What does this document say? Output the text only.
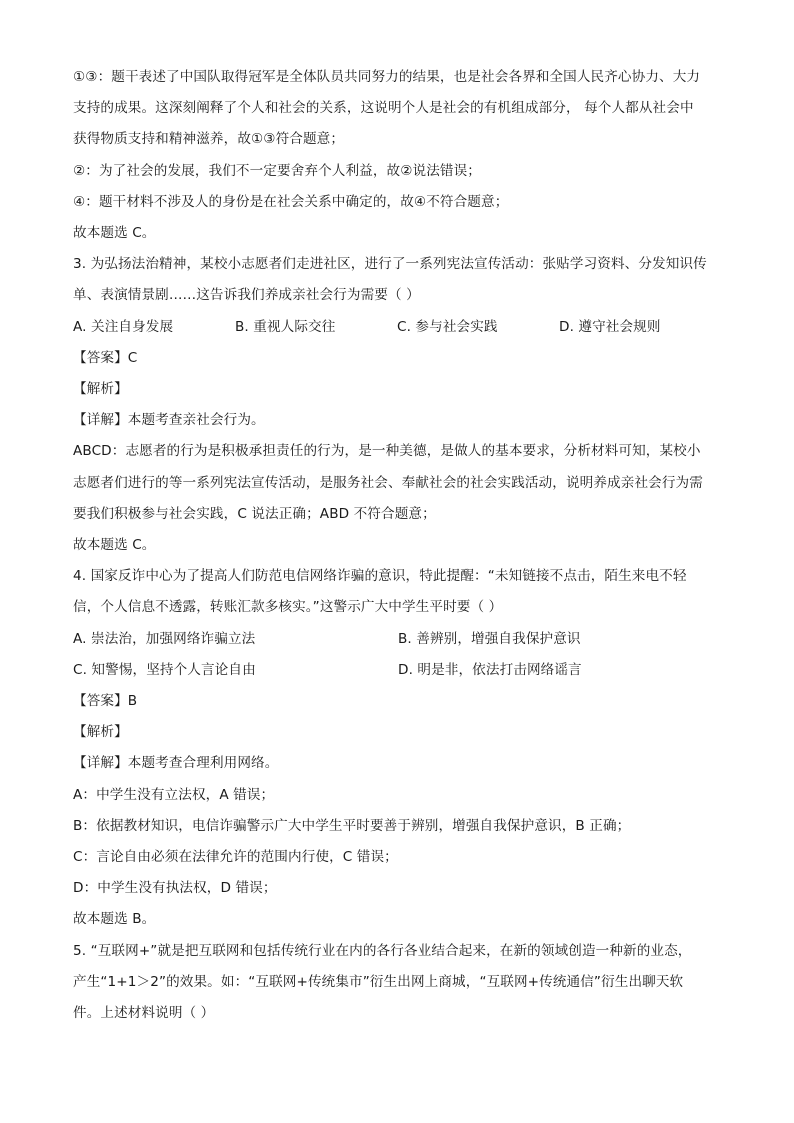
①③：题干表述了中国队取得冠军是全体队员共同努力的结果，也是社会各界和全国人民齐心协力、大力
支持的成果。这深刻阐释了个人和社会的关系，这说明个人是社会的有机组成部分， 每个人都从社会中
获得物质支持和精神滋养，故①③符合题意；
②：为了社会的发展，我们不一定要舍弃个人利益，故②说法错误；
④：题干材料不涉及人的身份是在社会关系中确定的，故④不符合题意；
故本题选 C。
3. 为弘扬法治精神，某校小志愿者们走进社区，进行了一系列宪法宣传活动：张贴学习资料、分发知识传
单、表演情景剧……这告诉我们养成亲社会行为需要（ ）
A. 关注自身发展	B. 重视人际交往	C. 参与社会实践	D. 遵守社会规则
【答案】C
【解析】
【详解】本题考查亲社会行为。
ABCD：志愿者的行为是积极承担责任的行为，是一种美德，是做人的基本要求，分析材料可知，某校小
志愿者们进行的等一系列宪法宣传活动，是服务社会、奉献社会的社会实践活动，说明养成亲社会行为需
要我们积极参与社会实践，C 说法正确；ABD 不符合题意；
故本题选 C。
4. 国家反诈中心为了提高人们防范电信网络诈骗的意识，特此提醒：“未知链接不点击，陌生来电不轻
信，个人信息不透露，转账汇款多核实。”这警示广大中学生平时要（ ）
A. 崇法治，加强网络诈骗立法	B. 善辨别，增强自我保护意识
C. 知警惕，坚持个人言论自由	D. 明是非，依法打击网络谣言
【答案】B
【解析】
【详解】本题考查合理利用网络。
A：中学生没有立法权，A 错误；
B：依据教材知识，电信诈骗警示广大中学生平时要善于辨别，增强自我保护意识，B 正确；
C：言论自由必须在法律允许的范围内行使，C 错误；
D：中学生没有执法权，D 错误；
故本题选 B。
5. “互联网+”就是把互联网和包括传统行业在内的各行各业结合起来，在新的领域创造一种新的业态，
产生“1+1＞2”的效果。如：“互联网+传统集市”衍生出网上商城，“互联网+传统通信”衍生出聊天软
件。上述材料说明（ ）
